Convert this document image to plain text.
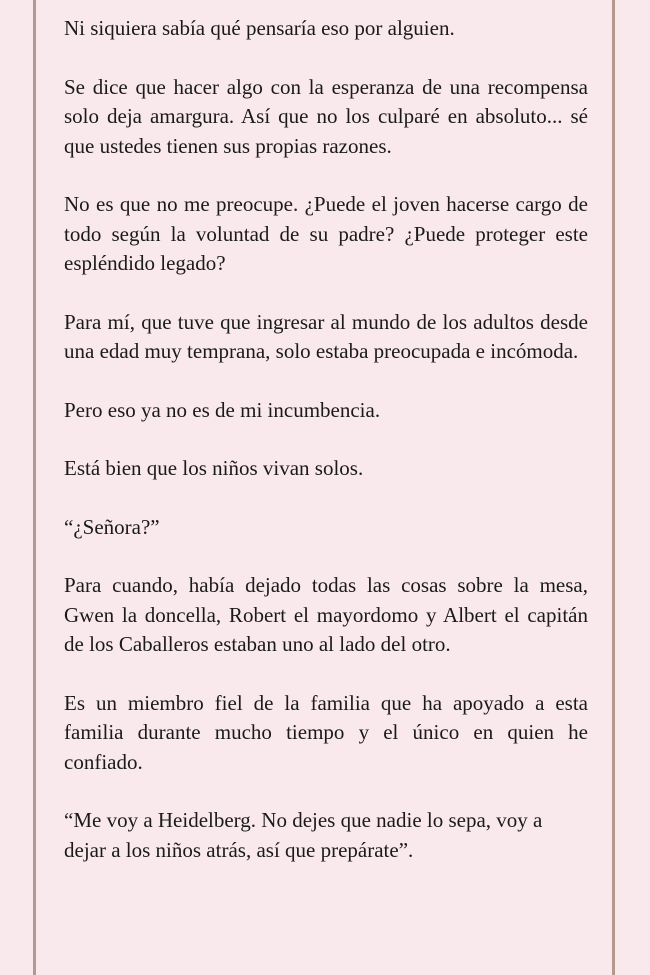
Ni siquiera sabía qué pensaría eso por alguien.

Se dice que hacer algo con la esperanza de una recompensa solo deja amargura. Así que no los culparé en absoluto... sé que ustedes tienen sus propias razones.

No es que no me preocupe. ¿Puede el joven hacerse cargo de todo según la voluntad de su padre? ¿Puede proteger este espléndido legado?

Para mí, que tuve que ingresar al mundo de los adultos desde una edad muy temprana, solo estaba preocupada e incómoda.

Pero eso ya no es de mi incumbencia.

Está bien que los niños vivan solos.

“¿Señora?”

Para cuando, había dejado todas las cosas sobre la mesa, Gwen la doncella, Robert el mayordomo y Albert el capitán de los Caballeros estaban uno al lado del otro.

Es un miembro fiel de la familia que ha apoyado a esta familia durante mucho tiempo y el único en quien he confiado.

“Me voy a Heidelberg. No dejes que nadie lo sepa, voy a dejar a los niños atrás, así que prepárate”.
